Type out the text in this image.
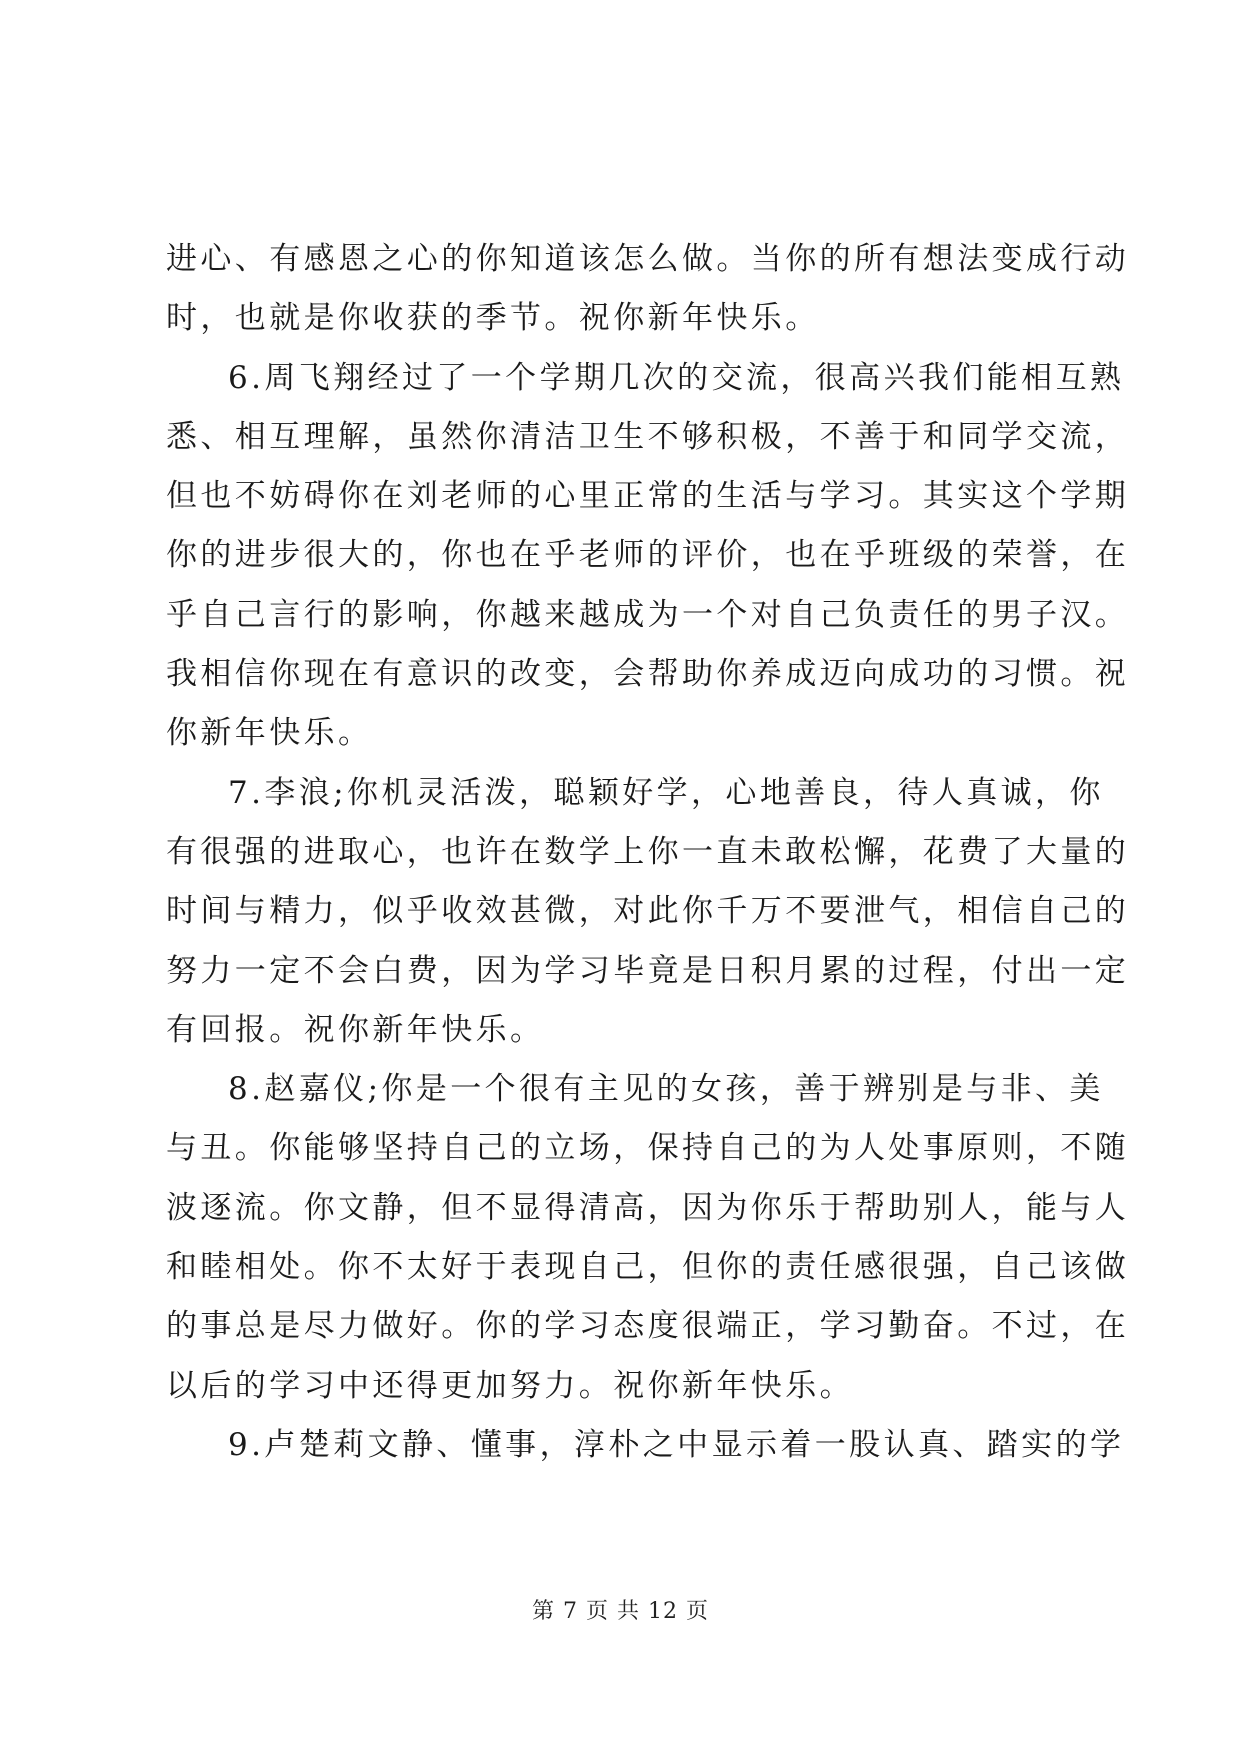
进心、有感恩之心的你知道该怎么做。当你的所有想法变成行动
时，也就是你收获的季节。祝你新年快乐。
6.周飞翔经过了一个学期几次的交流，很高兴我们能相互熟
悉、相互理解，虽然你清洁卫生不够积极，不善于和同学交流，
但也不妨碍你在刘老师的心里正常的生活与学习。其实这个学期
你的进步很大的，你也在乎老师的评价，也在乎班级的荣誉，在
乎自己言行的影响，你越来越成为一个对自己负责任的男子汉。
我相信你现在有意识的改变，会帮助你养成迈向成功的习惯。祝
你新年快乐。
7.李浪;你机灵活泼，聪颖好学，心地善良，待人真诚，你
有很强的进取心，也许在数学上你一直未敢松懈，花费了大量的
时间与精力，似乎收效甚微，对此你千万不要泄气，相信自己的
努力一定不会白费，因为学习毕竟是日积月累的过程，付出一定
有回报。祝你新年快乐。
8.赵嘉仪;你是一个很有主见的女孩，善于辨别是与非、美
与丑。你能够坚持自己的立场，保持自己的为人处事原则，不随
波逐流。你文静，但不显得清高，因为你乐于帮助别人，能与人
和睦相处。你不太好于表现自己，但你的责任感很强，自己该做
的事总是尽力做好。你的学习态度很端正，学习勤奋。不过，在
以后的学习中还得更加努力。祝你新年快乐。
9.卢楚莉文静、懂事，淳朴之中显示着一股认真、踏实的学
第 7 页 共 12 页
